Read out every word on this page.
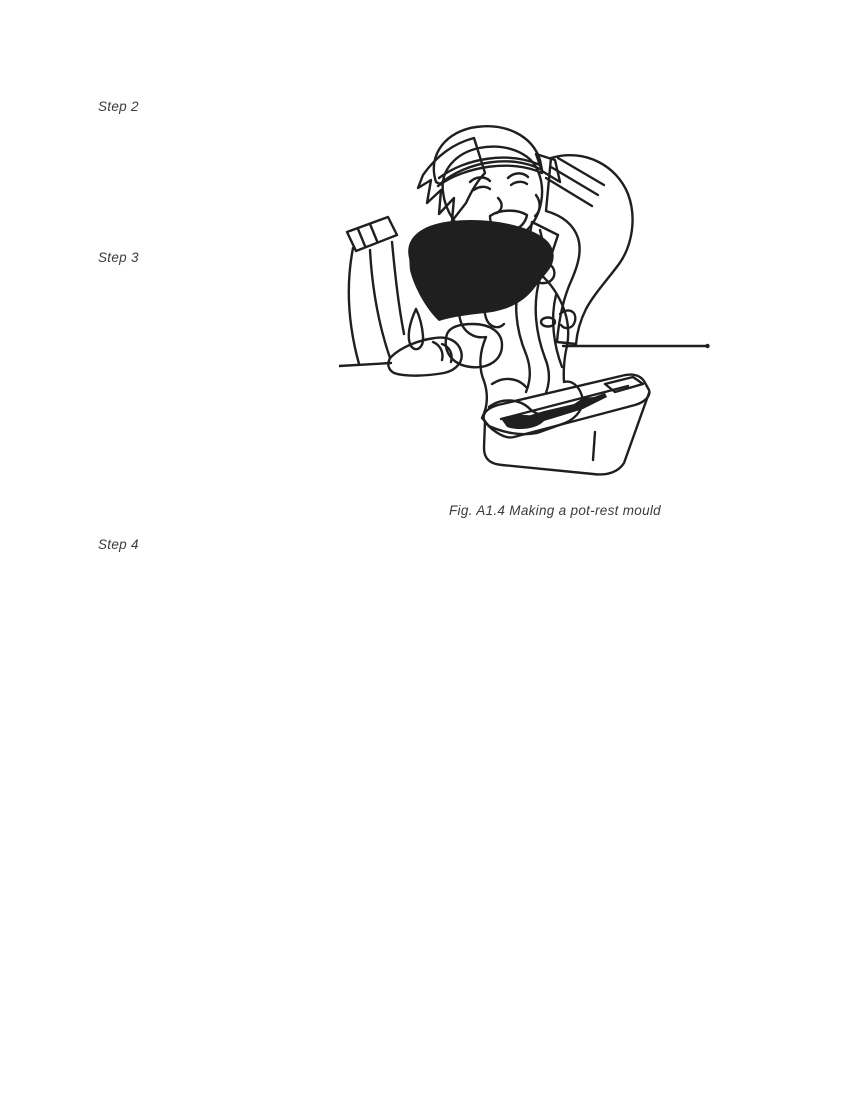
Step 2
Step 3
Fig. A1.4 Making a pot-rest mould
Step 4
